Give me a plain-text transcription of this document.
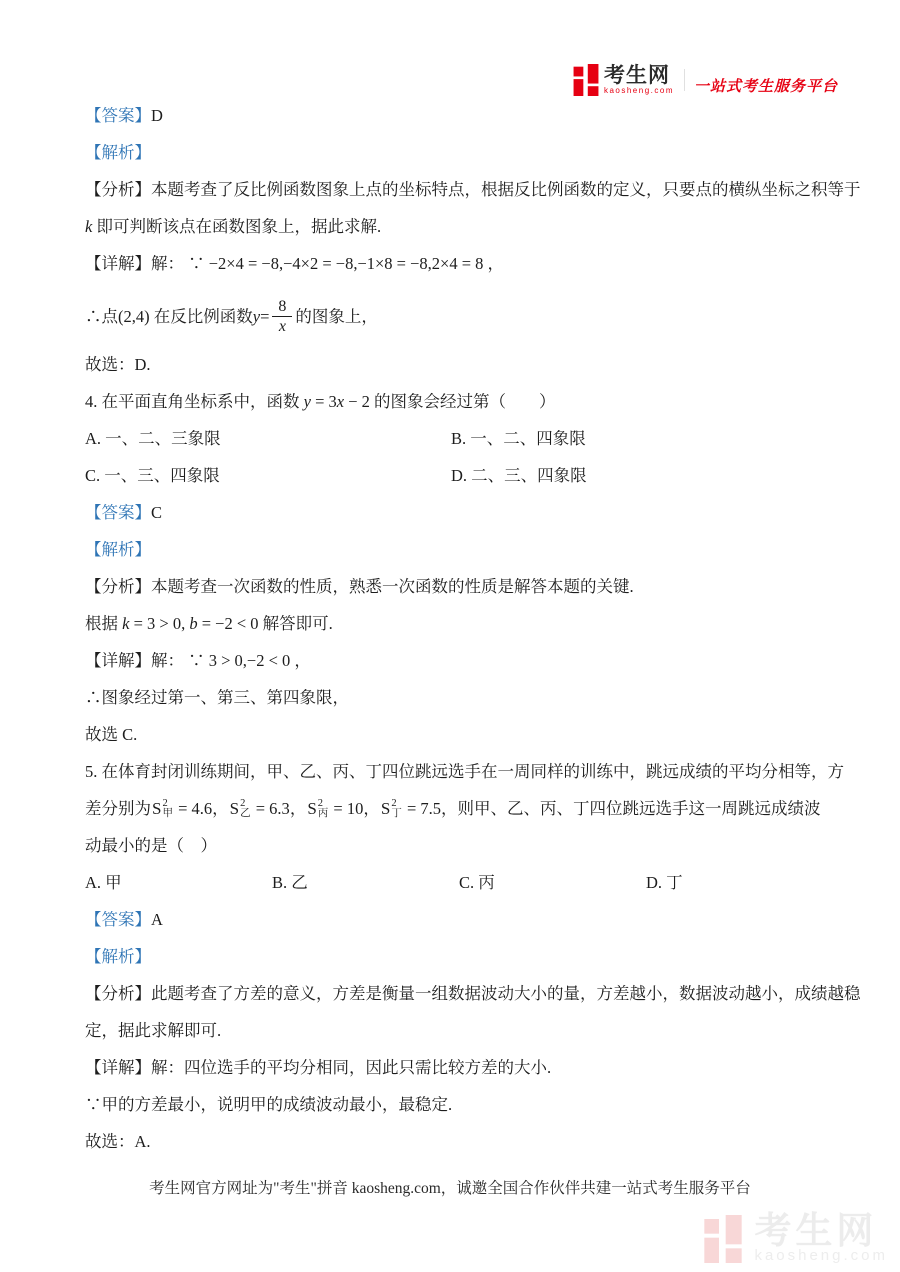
考生网
kaosheng.com 一站式考生服务平台

【答案】D

【解析】

【分析】本题考查了反比例函数图象上点的坐标特点，根据反比例函数的定义，只要点的横纵坐标之积等于

k 即可判断该点在函数图象上，据此求解.

【详解】解： ∵ −2×4 = −8,−4×2 = −8,−1×8 = −8,2×4 = 8 ，

∴点(2,4) 在反比例函数 $y = \frac{8}{x}$ 的图象上，

故选：D.

4. 在平面直角坐标系中，函数 y = 3x − 2 的图象会经过第（　　）

A. 一、二、三象限	B. 一、二、四象限

C. 一、三、四象限	D. 二、三、四象限

【答案】C

【解析】

【分析】本题考查一次函数的性质，熟悉一次函数的性质是解答本题的关键.

根据 k = 3 > 0, b = −2 < 0 解答即可.

【详解】解： ∵ 3 > 0,−2 < 0 ，

∴图象经过第一、第三、第四象限，

故选 C.

5. 在体育封闭训练期间，甲、乙、丙、丁四位跳远选手在一周同样的训练中，跳远成绩的平均分相等，方

差分别为 S 2
甲 = 4.6， S 2
乙 = 6.3， S 2
丙 = 10， S 2
丁 = 7.5，则甲、乙、丙、丁四位跳远选手这一周跳远成绩波

动最小的是（　）

A. 甲	B. 乙	C. 丙	D. 丁

【答案】A

【解析】

【分析】此题考查了方差的意义，方差是衡量一组数据波动大小的量，方差越小，数据波动越小，成绩越稳

定，据此求解即可.

【详解】解：四位选手的平均分相同，因此只需比较方差的大小.

∵甲的方差最小，说明甲的成绩波动最小，最稳定.

故选：A.

考生网官方网址为"考生"拼音 kaosheng.com，诚邀全国合作伙伴共建一站式考生服务平台
考生网
kaosheng.com
